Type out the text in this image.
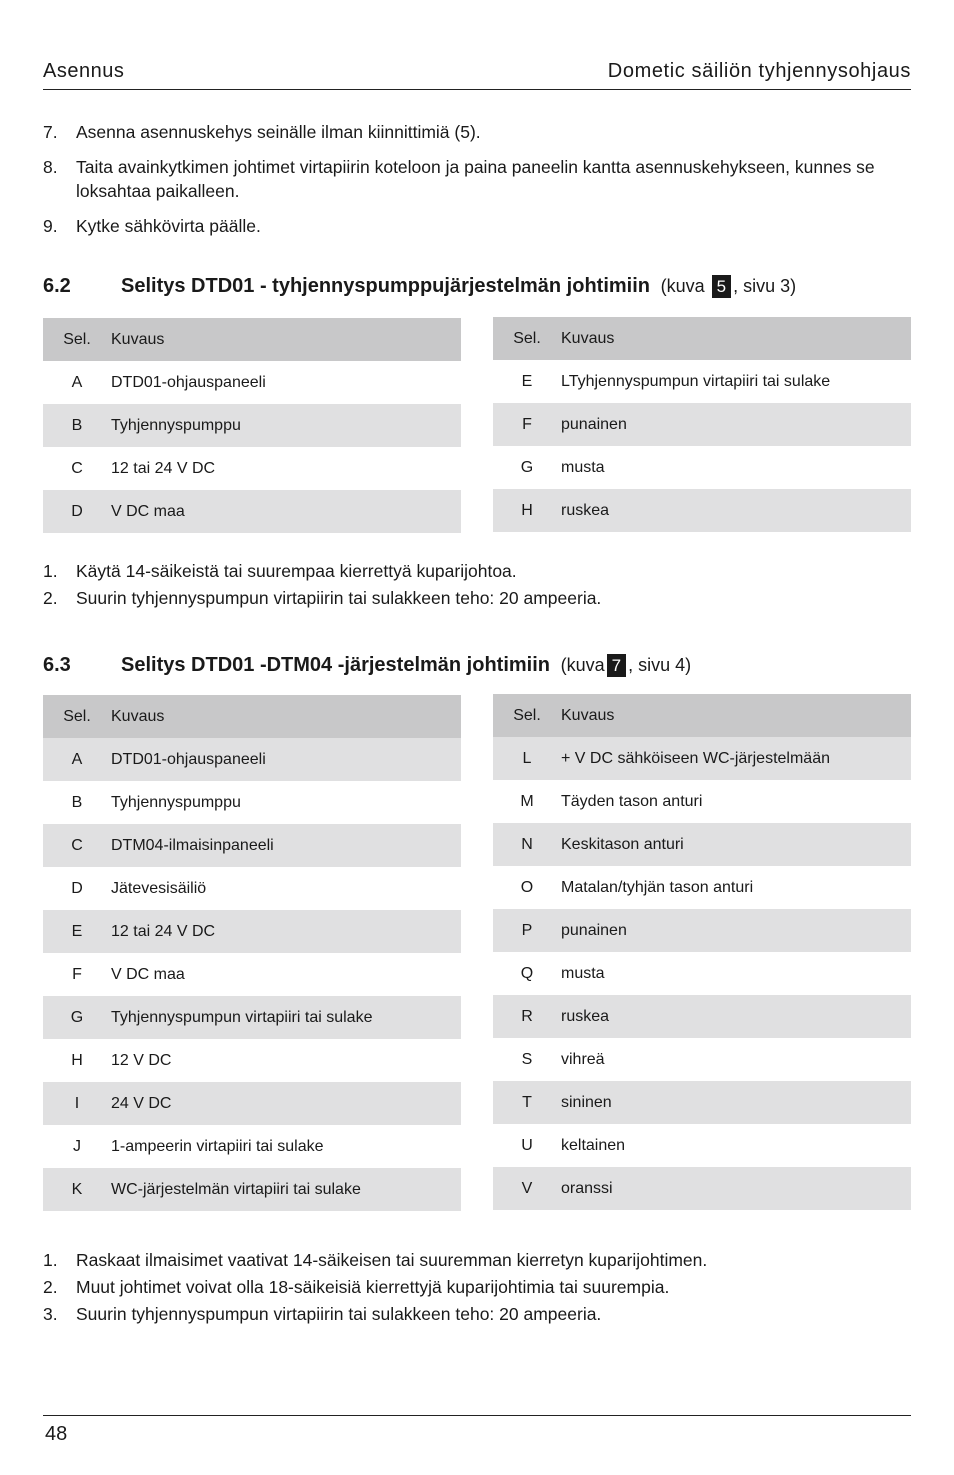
Asennus	Dometic säiliön tyhjennysohjaus
7.	Asenna asennuskehys seinälle ilman kiinnittimiä (5).
8.	Taita avainkytkimen johtimet virtapiirin koteloon ja paina paneelin kantta asennuskehykseen, kunnes se loksahtaa paikalleen.
9.	Kytke sähkövirta päälle.
6.2	Selitys DTD01 - tyhjennyspumppujärjestelmän johtimiin (kuva 5 , sivu 3)
Sel.	Kuvaus
A	DTD01-ohjauspaneeli
B	Tyhjennyspumppu
C	12 tai 24 V DC
D	V DC maa
Sel.	Kuvaus
E	LTyhjennyspumpun virtapiiri tai sulake
F	punainen
G	musta
H	ruskea
1.	Käytä 14-säikeistä tai suurempaa kierrettyä kuparijohtoa.
2.	Suurin tyhjennyspumpun virtapiirin tai sulakkeen teho: 20 ampeeria.
6.3	Selitys DTD01 -DTM04 -järjestelmän johtimiin (kuva 7 , sivu 4)
Sel.	Kuvaus
A	DTD01-ohjauspaneeli
B	Tyhjennyspumppu
C	DTM04-ilmaisinpaneeli
D	Jätevesisäiliö
E	12 tai 24 V DC
F	V DC maa
G	Tyhjennyspumpun virtapiiri tai sulake
H	12 V DC
I	24 V DC
J	1-ampeerin virtapiiri tai sulake
K	WC-järjestelmän virtapiiri tai sulake
Sel.	Kuvaus
L	+ V DC sähköiseen WC-järjestelmään
M	Täyden tason anturi
N	Keskitason anturi
O	Matalan/tyhjän tason anturi
P	punainen
Q	musta
R	ruskea
S	vihreä
T	sininen
U	keltainen
V	oranssi
1.	Raskaat ilmaisimet vaativat 14-säikeisen tai suuremman kierretyn kuparijohtimen.
2.	Muut johtimet voivat olla 18-säikeisiä kierrettyjä kuparijohtimia tai suurempia.
3.	Suurin tyhjennyspumpun virtapiirin tai sulakkeen teho: 20 ampeeria.
48
